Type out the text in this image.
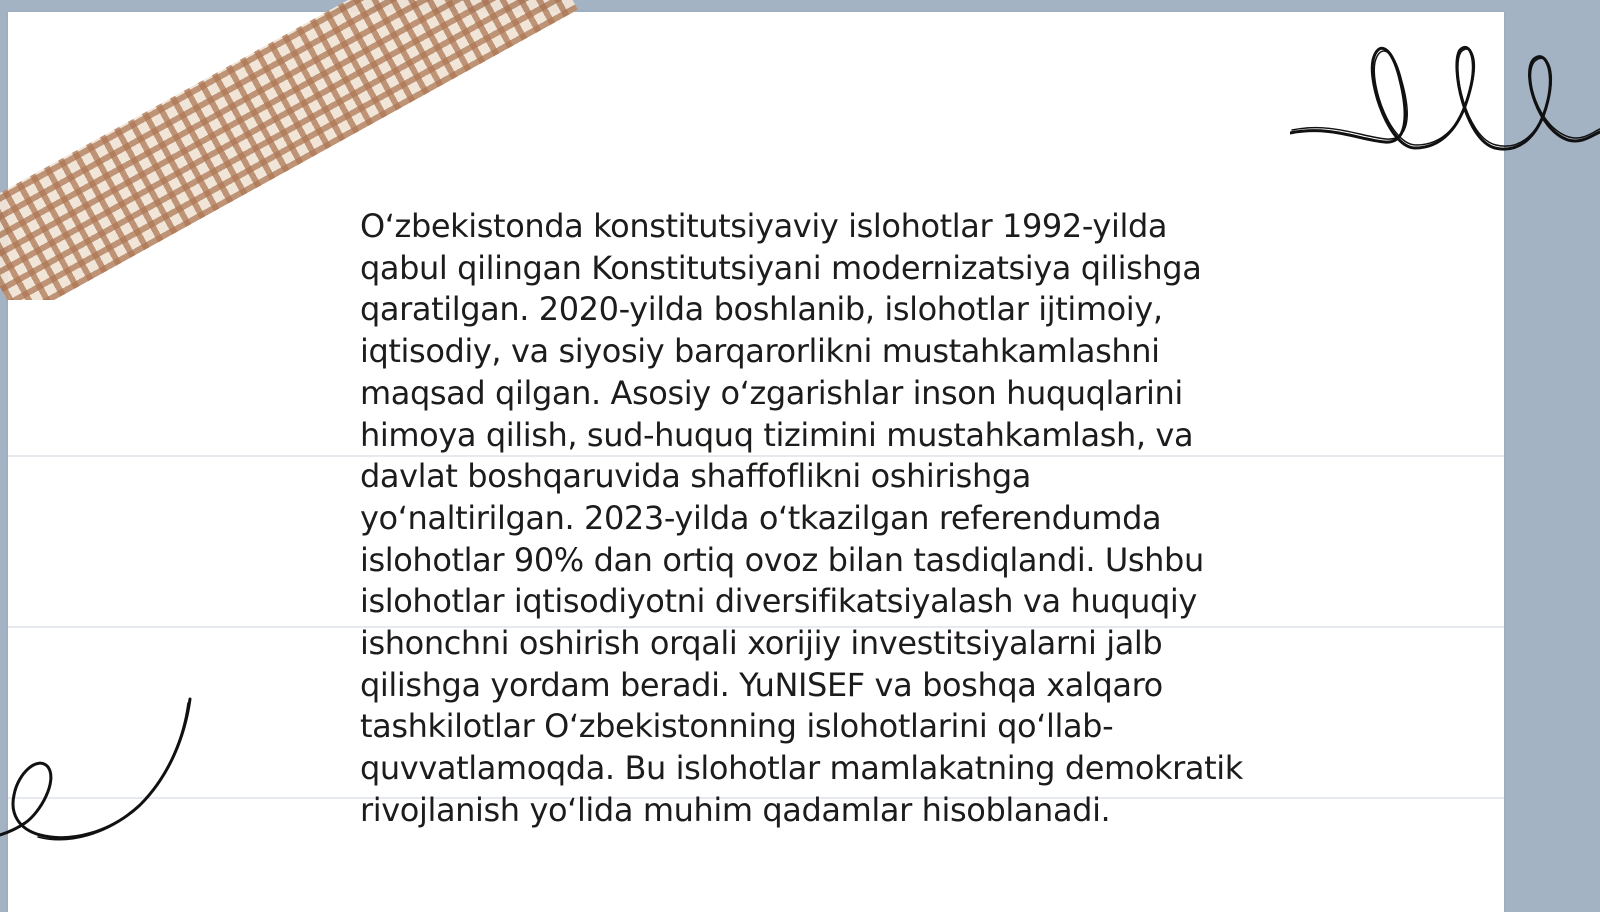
O‘zbekistonda konstitutsiyaviy islohotlar 1992-yilda qabul qilingan Konstitutsiyani modernizatsiya qilishga qaratilgan. 2020-yilda boshlanib, islohotlar ijtimoiy, iqtisodiy, va siyosiy barqarorlikni mustahkamlashni maqsad qilgan. Asosiy o‘zgarishlar inson huquqlarini himoya qilish, sud-huquq tizimini mustahkamlash, va davlat boshqaruvida shaffoflikni oshirishga yo‘naltirilgan. 2023-yilda o‘tkazilgan referendumda islohotlar 90% dan ortiq ovoz bilan tasdiqlandi. Ushbu islohotlar iqtisodiyotni diversifikatsiyalash va huquqiy ishonchni oshirish orqali xorijiy investitsiyalarni jalb qilishga yordam beradi. YuNISEF va boshqa xalqaro tashkilotlar O‘zbekistonning islohotlarini qo‘llab-quvvatlamoqda. Bu islohotlar mamlakatning demokratik rivojlanish yo‘lida muhim qadamlar hisoblanadi.
